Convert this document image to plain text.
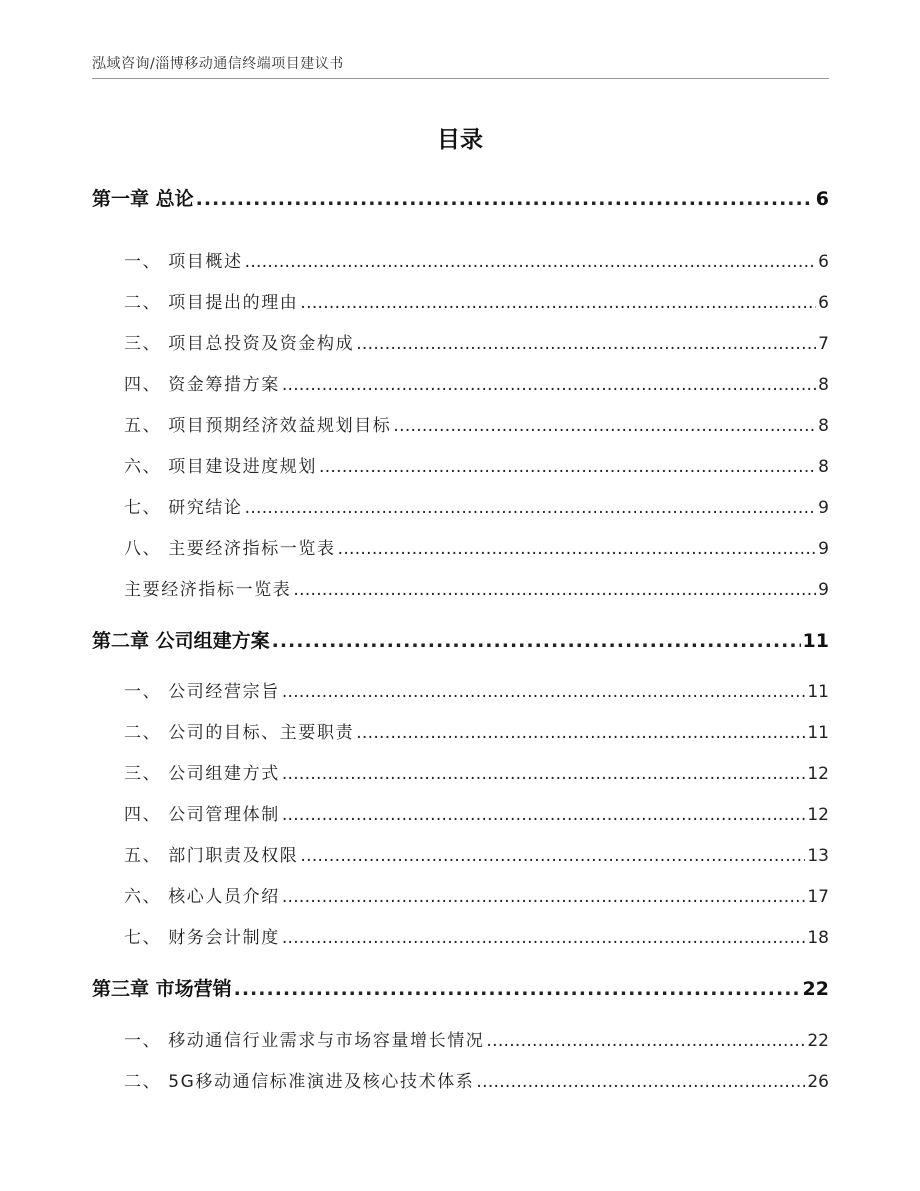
泓域咨询/淄博移动通信终端项目建议书
目录
第一章 总论 .....	6
一、 项目概述 .....	6
二、 项目提出的理由 .....	6
三、 项目总投资及资金构成 .....	7
四、 资金筹措方案 .....	8
五、 项目预期经济效益规划目标 .....	8
六、 项目建设进度规划 .....	8
七、 研究结论 .....	9
八、 主要经济指标一览表 .....	9
主要经济指标一览表 .....	9
第二章 公司组建方案 .....	11
一、 公司经营宗旨 .....	11
二、 公司的目标、主要职责 .....	11
三、 公司组建方式 .....	12
四、 公司管理体制 .....	12
五、 部门职责及权限 .....	13
六、 核心人员介绍 .....	17
七、 财务会计制度 .....	18
第三章 市场营销 .....	22
一、 移动通信行业需求与市场容量增长情况 .....	22
二、 5G移动通信标准演进及核心技术体系 .....	26
